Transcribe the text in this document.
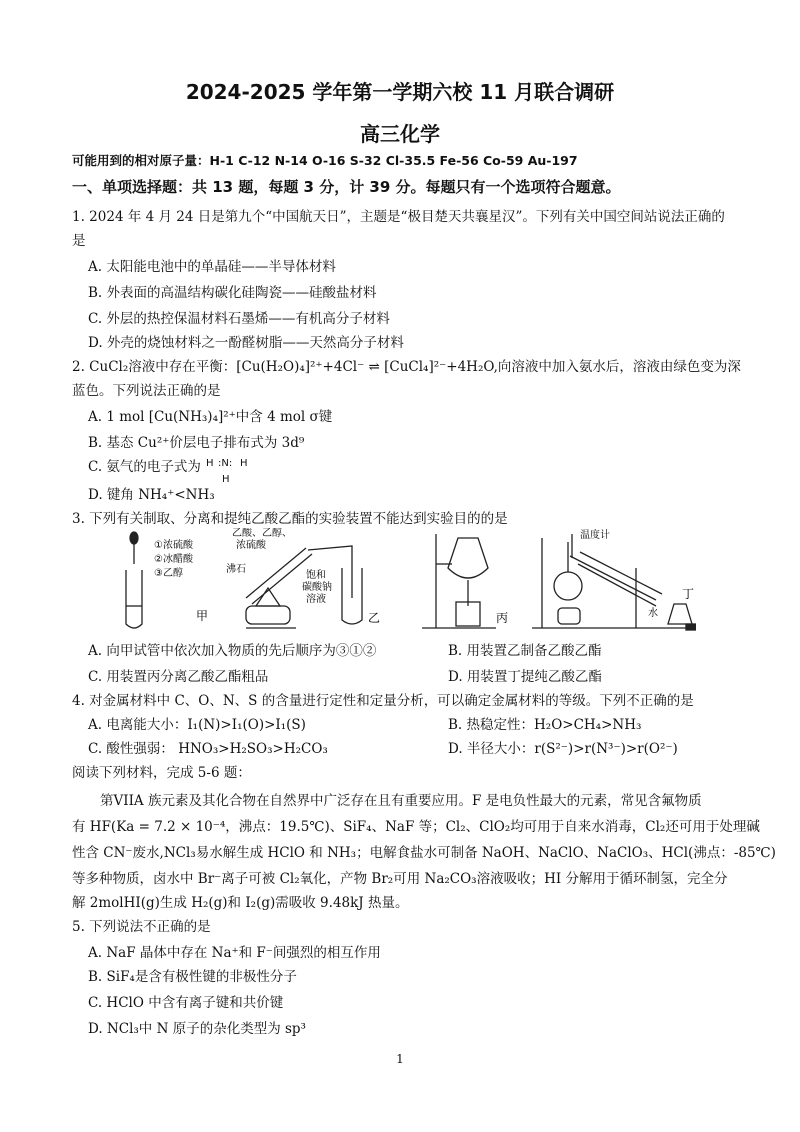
2024-2025 学年第一学期六校 11 月联合调研
高三化学
可能用到的相对原子量：H-1 C-12 N-14 O-16 S-32 Cl-35.5 Fe-56 Co-59 Au-197
一、单项选择题：共 13 题，每题 3 分，计 39 分。每题只有一个选项符合题意。
1. 2024 年 4 月 24 日是第九个“中国航天日”，主题是“极目楚天共襄星汉”。下列有关中国空间站说法正确的
是
A. 太阳能电池中的单晶硅——半导体材料
B. 外表面的高温结构碳化硅陶瓷——硅酸盐材料
C. 外层的热控保温材料石墨烯——有机高分子材料
D. 外壳的烧蚀材料之一酚醛树脂——天然高分子材料
2. CuCl₂溶液中存在平衡：[Cu(H₂O)₄]²⁺+4Cl⁻ ⇌ [CuCl₄]²⁻+4H₂O,向溶液中加入氨水后，溶液由绿色变为深
蓝色。下列说法正确的是
A. 1 mol [Cu(NH₃)₄]²⁺中含 4 mol σ键
B. 基态 Cu²⁺价层电子排布式为 3d⁹
C. 氨气的电子式为 H :N: H
H
D. 键角 NH₄⁺<NH₃
3. 下列有关制取、分离和提纯乙酸乙酯的实验装置不能达到实验目的的是
①浓硫酸
②冰醋酸
③乙醇
甲
乙酸、乙醇、
浓硫酸
沸石
饱和
碳酸钠
溶液
乙	丙
温度计
水
丁
A. 向甲试管中依次加入物质的先后顺序为③①②	B. 用装置乙制备乙酸乙酯
C. 用装置丙分离乙酸乙酯粗品	D. 用装置丁提纯乙酸乙酯
4. 对金属材料中 C、O、N、S 的含量进行定性和定量分析，可以确定金属材料的等级。下列不正确的是
A. 电离能大小：I₁(N)>I₁(O)>I₁(S)	B. 热稳定性：H₂O>CH₄>NH₃
C. 酸性强弱： HNO₃>H₂SO₃>H₂CO₃	D. 半径大小：r(S²⁻)>r(N³⁻)>r(O²⁻)
阅读下列材料，完成 5-6 题：
第VIIA 族元素及其化合物在自然界中广泛存在且有重要应用。F 是电负性最大的元素，常见含氟物质
有 HF(Ka = 7.2 × 10⁻⁴，沸点：19.5℃)、SiF₄、NaF 等；Cl₂、ClO₂均可用于自来水消毒，Cl₂还可用于处理碱
性含 CN⁻废水,NCl₃易水解生成 HClO 和 NH₃；电解食盐水可制备 NaOH、NaClO、NaClO₃、HCl(沸点：-85℃)
等多种物质，卤水中 Br⁻离子可被 Cl₂氧化，产物 Br₂可用 Na₂CO₃溶液吸收；HI 分解用于循环制氢，完全分
解 2molHI(g)生成 H₂(g)和 I₂(g)需吸收 9.48kJ 热量。
5. 下列说法不正确的是
A. NaF 晶体中存在 Na⁺和 F⁻间强烈的相互作用
B. SiF₄是含有极性键的非极性分子
C. HClO 中含有离子键和共价键
D. NCl₃中 N 原子的杂化类型为 sp³
1
